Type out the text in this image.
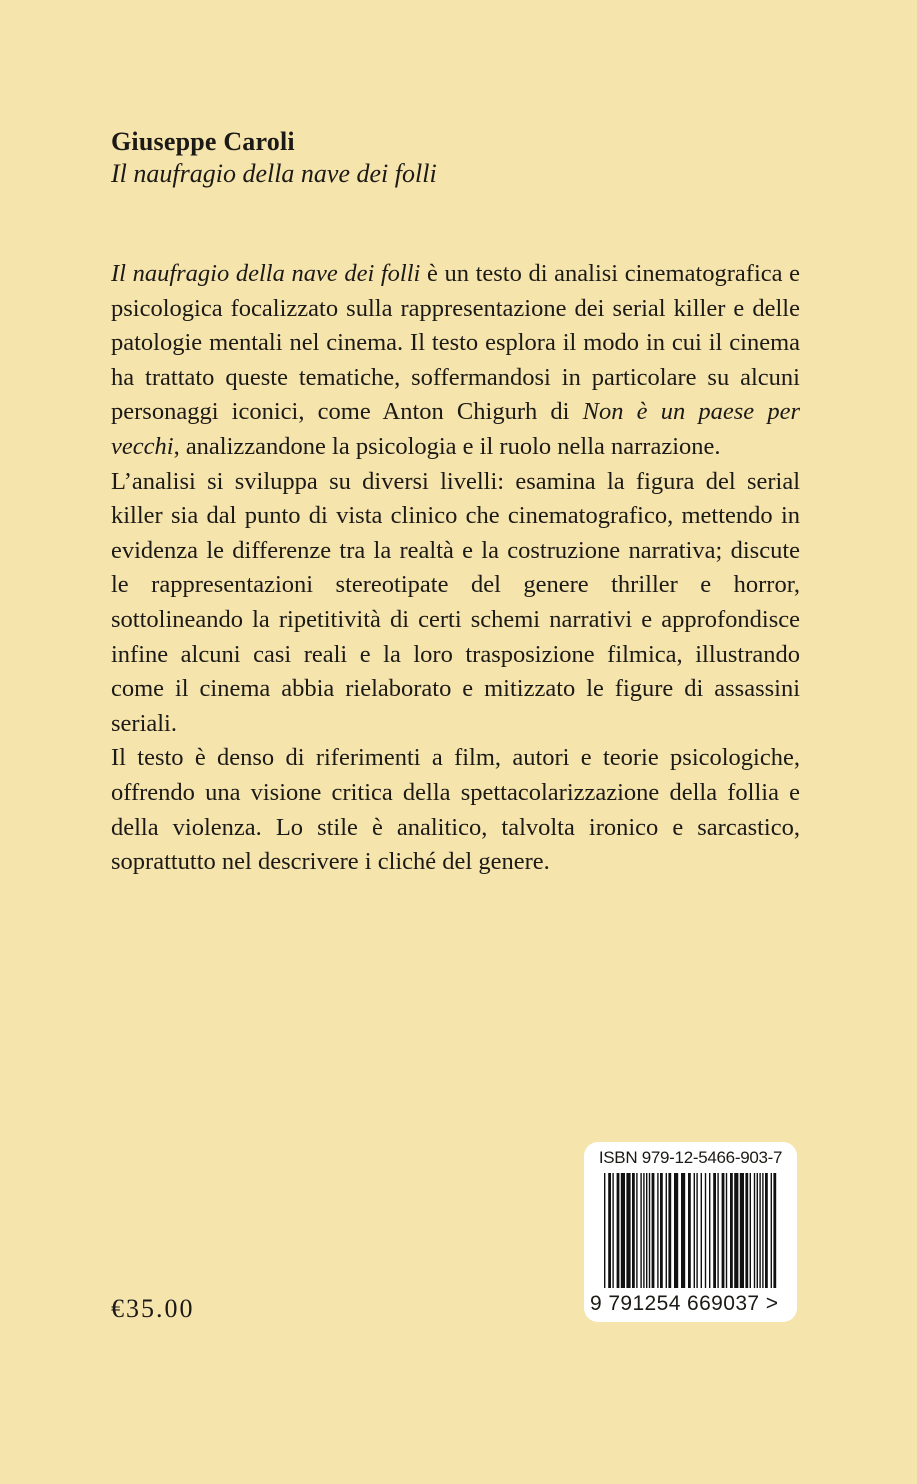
Giuseppe Caroli
Il naufragio della nave dei folli

Il naufragio della nave dei folli è un testo di analisi cinematografica e psicologica focalizzato sulla rappresentazione dei serial killer e delle patologie mentali nel cinema. Il testo esplora il modo in cui il cinema ha trattato queste tematiche, soffermandosi in particolare su alcuni personaggi iconici, come Anton Chigurh di Non è un paese per vecchi, analizzandone la psicologia e il ruolo nella narrazione.

L’analisi si sviluppa su diversi livelli: esamina la figura del serial killer sia dal punto di vista clinico che cinematografico, mettendo in evidenza le differenze tra la realtà e la costruzione narrativa; discute le rappresentazioni stereotipate del genere thriller e horror, sottolineando la ripetitività di certi schemi narrativi e approfondisce infine alcuni casi reali e la loro trasposizione filmica, illustrando come il cinema abbia rielaborato e mitizzato le figure di assassini seriali.

Il testo è denso di riferimenti a film, autori e teorie psicologiche, offrendo una visione critica della spettacolarizzazione della follia e della violenza. Lo stile è analitico, talvolta ironico e sarcastico, soprattutto nel descrivere i cliché del genere.

€35.00
ISBN 979-12-5466-903-7
9 791254 669037 >
